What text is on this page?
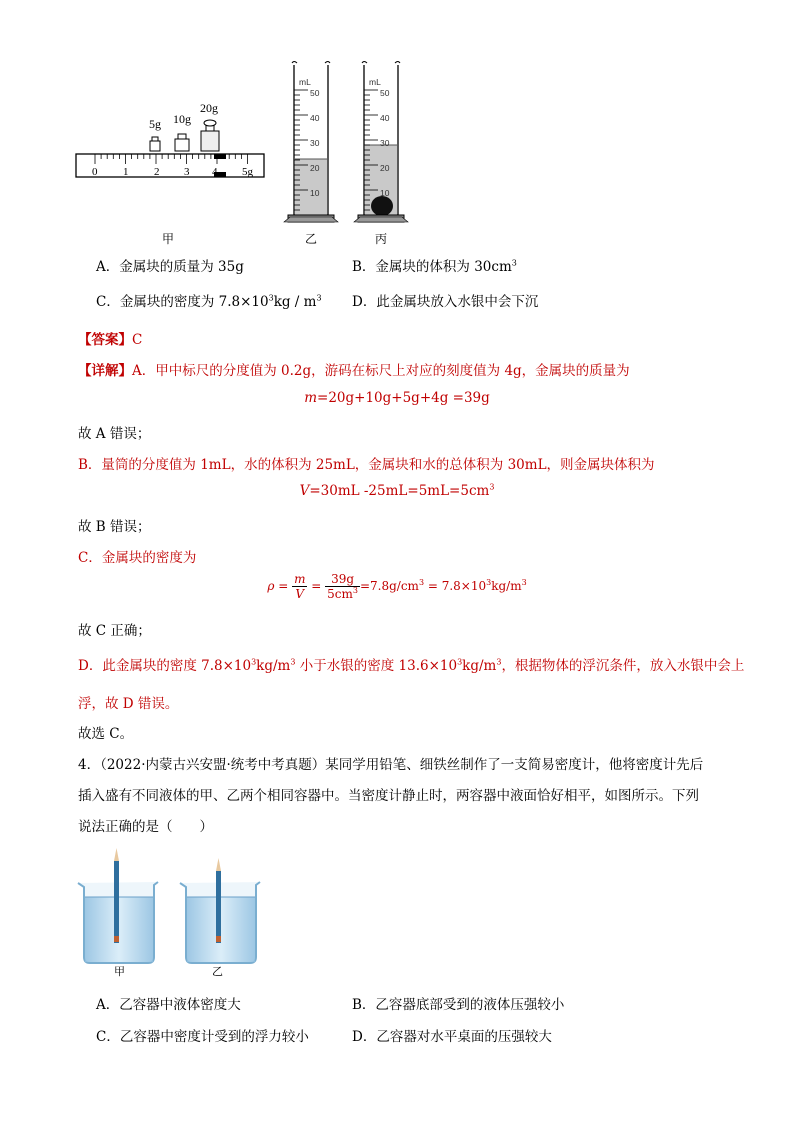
5g 10g
20g
0 1 2 3 4 5g
mL
50
40
30
20
10
mL
50
40
30
20
10
甲	乙	丙
A．金属块的质量为 35g	B．金属块的体积为 $30cm^3$
C．金属块的密度为 $7.8\times 10^3kg / m^3$ D．此金属块放入水银中会下沉
【答案】C
【详解】A．甲中标尺的分度值为 0.2g，游码在标尺上对应的刻度值为 4g，金属块的质量为
m=20g+10g+5g+4g =39g
故 A 错误；
B．量筒的分度值为 1mL，水的体积为 25mL，金属块和水的总体积为 30mL，则金属块体积为
V=30mL $-25mL=5mL=5cm^3$
故 B 错误；
C．金属块的密度为
$\rho = \frac{m}{V} = \frac{39g}{5cm^3} =7.8g/cm^3 = 7.8\times 10^3kg/m^3$
故 C 正确；
D．此金属块的密度 $7.8\times 10^3kg/m^3$ 小于水银的密度 $13.6\times 10^3kg/m^3$，根据物体的浮沉条件，放入水银中会上
浮，故 D 错误。
故选 C。
4．（2022·内蒙古兴安盟·统考中考真题）某同学用铅笔、细铁丝制作了一支简易密度计，他将密度计先后
插入盛有不同液体的甲、乙两个相同容器中。当密度计静止时，两容器中液面恰好相平，如图所示。下列
说法正确的是（　　）
甲	乙
A．乙容器中液体密度大	B．乙容器底部受到的液体压强较小
C．乙容器中密度计受到的浮力较小	D．乙容器对水平桌面的压强较大
